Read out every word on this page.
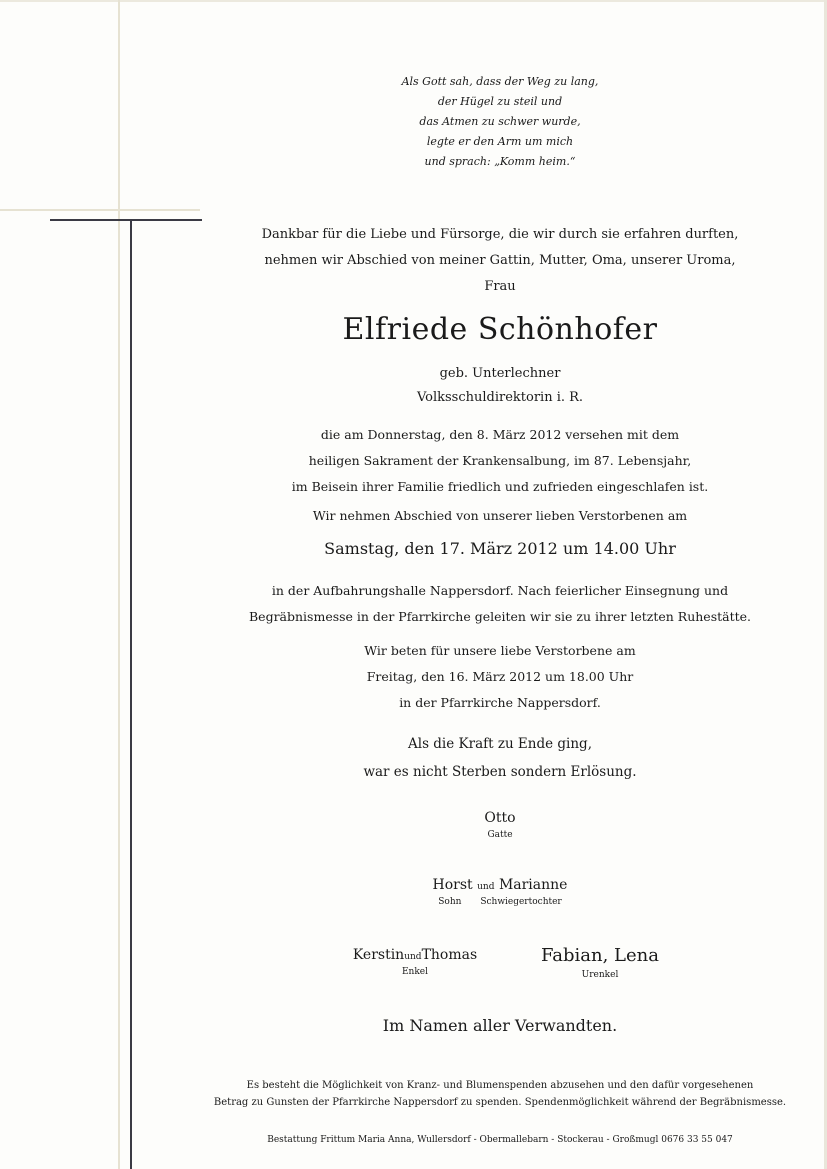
Als Gott sah, dass der Weg zu lang,
der Hügel zu steil und
das Atmen zu schwer wurde,
legte er den Arm um mich
und sprach: „Komm heim.“
Dankbar für die Liebe und Fürsorge, die wir durch sie erfahren durften,
nehmen wir Abschied von meiner Gattin, Mutter, Oma, unserer Uroma,
Frau
Elfriede Schönhofer
geb. Unterlechner
Volksschuldirektorin i. R.
die am Donnerstag, den 8. März 2012 versehen mit dem
heiligen Sakrament der Krankensalbung, im 87. Lebensjahr,
im Beisein ihrer Familie friedlich und zufrieden eingeschlafen ist.
Wir nehmen Abschied von unserer lieben Verstorbenen am
Samstag, den 17. März 2012 um 14.00 Uhr
in der Aufbahrungshalle Nappersdorf. Nach feierlicher Einsegnung und
Begräbnismesse in der Pfarrkirche geleiten wir sie zu ihrer letzten Ruhestätte.
Wir beten für unsere liebe Verstorbene am
Freitag, den 16. März 2012 um 18.00 Uhr
in der Pfarrkirche Nappersdorf.
Als die Kraft zu Ende ging,
war es nicht Sterben sondern Erlösung.
Otto
Gatte
Horst und Marianne
Sohn Schwiegertochter
KerstinundThomas
Enkel
Fabian, Lena
Urenkel
Im Namen aller Verwandten.
Es besteht die Möglichkeit von Kranz- und Blumenspenden abzusehen und den dafür vorgesehenen
Betrag zu Gunsten der Pfarrkirche Nappersdorf zu spenden. Spendenmöglichkeit während der Begräbnismesse.
Bestattung Frittum Maria Anna, Wullersdorf - Obermallebarn - Stockerau - Großmugl 0676 33 55 047
